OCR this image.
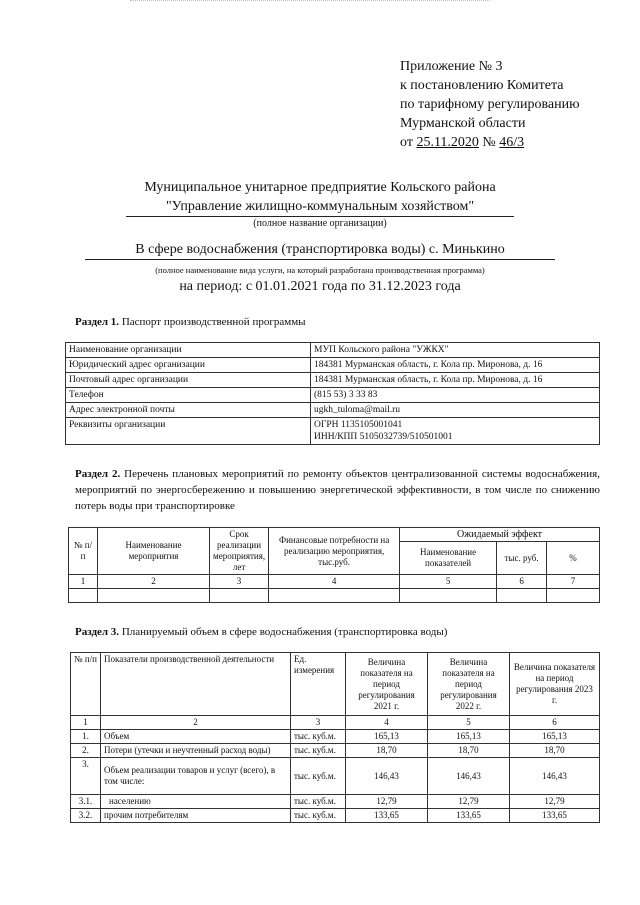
Приложение № 3
к постановлению Комитета
по тарифному регулированию
Мурманской области
от 25.11.2020 № 46/3
Муниципальное унитарное предприятие Кольского района
"Управление жилищно-коммунальным хозяйством"
(полное название организации)
В сфере водоснабжения (транспортировка воды) с. Минькино
(полное наименование вида услуги, на который разработана производственная программа)
на период: с 01.01.2021 года по 31.12.2023 года
Раздел 1. Паспорт производственной программы
Наименование организации	МУП Кольского района "УЖКХ"
Юридический адрес организации	184381 Мурманская область, г. Кола пр. Миронова, д. 16
Почтовый адрес организации	184381 Мурманская область, г. Кола пр. Миронова, д. 16
Телефон	(815 53) 3 33 83
Адрес электронной почты	ugkh_tuloma@mail.ru
Реквизиты организации	ОГРН 1135105001041
ИНН/КПП 5105032739/510501001
Раздел 2. Перечень плановых мероприятий по ремонту объектов централизованной системы водоснабжения, мероприятий по энергосбережению и повышению энергетической эффективности, в том числе по снижению потерь воды при транспортировке
№ п/п	Наименование мероприятия	Срок реализации мероприятия, лет	Финансовые потребности на реализацию мероприятия, тыс.руб.	Ожидаемый эффект		
				Наименование показателей	тыс. руб.	%
1	2	3	4	5	6	7

Раздел 3. Планируемый объем в сфере водоснабжения (транспортировка воды)
№ п/п	Показатели производственной деятельности	Ед. измерения	Величина показателя на период регулирования 2021 г.	Величина показателя на период регулирования 2022 г.	Величина показателя на период регулирования 2023 г.
1	2	3	4	5	6
1.	Объем	тыс. куб.м.	165,13	165,13	165,13
2.	Потери (утечки и неучтенный расход воды)	тыс. куб.м.	18,70	18,70	18,70
3.	Объем реализации товаров и услуг (всего), в том числе:	тыс. куб.м.	146,43	146,43	146,43
3.1.	населению	тыс. куб.м.	12,79	12,79	12,79
3.2.	прочим потребителям	тыс. куб.м.	133,65	133,65	133,65
